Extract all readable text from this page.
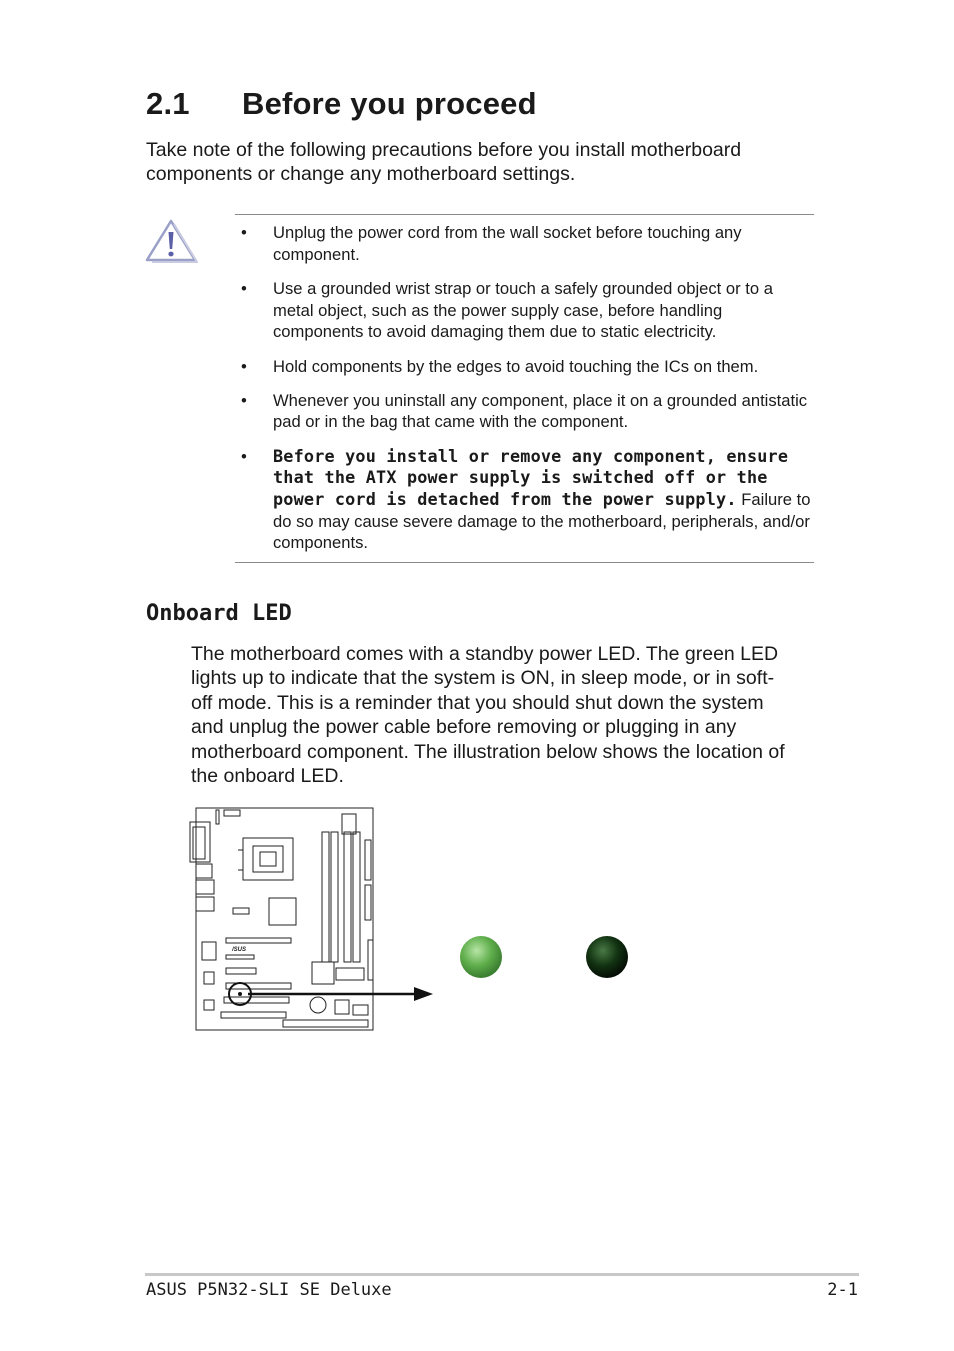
2.1 Before you proceed

Take note of the following precautions before you install motherboard components or change any motherboard settings.

• Unplug the power cord from the wall socket before touching any component.
• Use a grounded wrist strap or touch a safely grounded object or to a metal object, such as the power supply case, before handling components to avoid damaging them due to static electricity.
• Hold components by the edges to avoid touching the ICs on them.
• Whenever you uninstall any component, place it on a grounded antistatic pad or in the bag that came with the component.
• Before you install or remove any component, ensure that the ATX power supply is switched off or the power cord is detached from the power supply. Failure to do so may cause severe damage to the motherboard, peripherals, and/or components.
Onboard LED

The motherboard comes with a standby power LED. The green LED lights up to indicate that the system is ON, in sleep mode, or in soft-off mode. This is a reminder that you should shut down the system and unplug the power cable before removing or plugging in any motherboard component. The illustration below shows the location of the onboard LED.

/SUS
ASUS P5N32-SLI SE Deluxe	2-1
